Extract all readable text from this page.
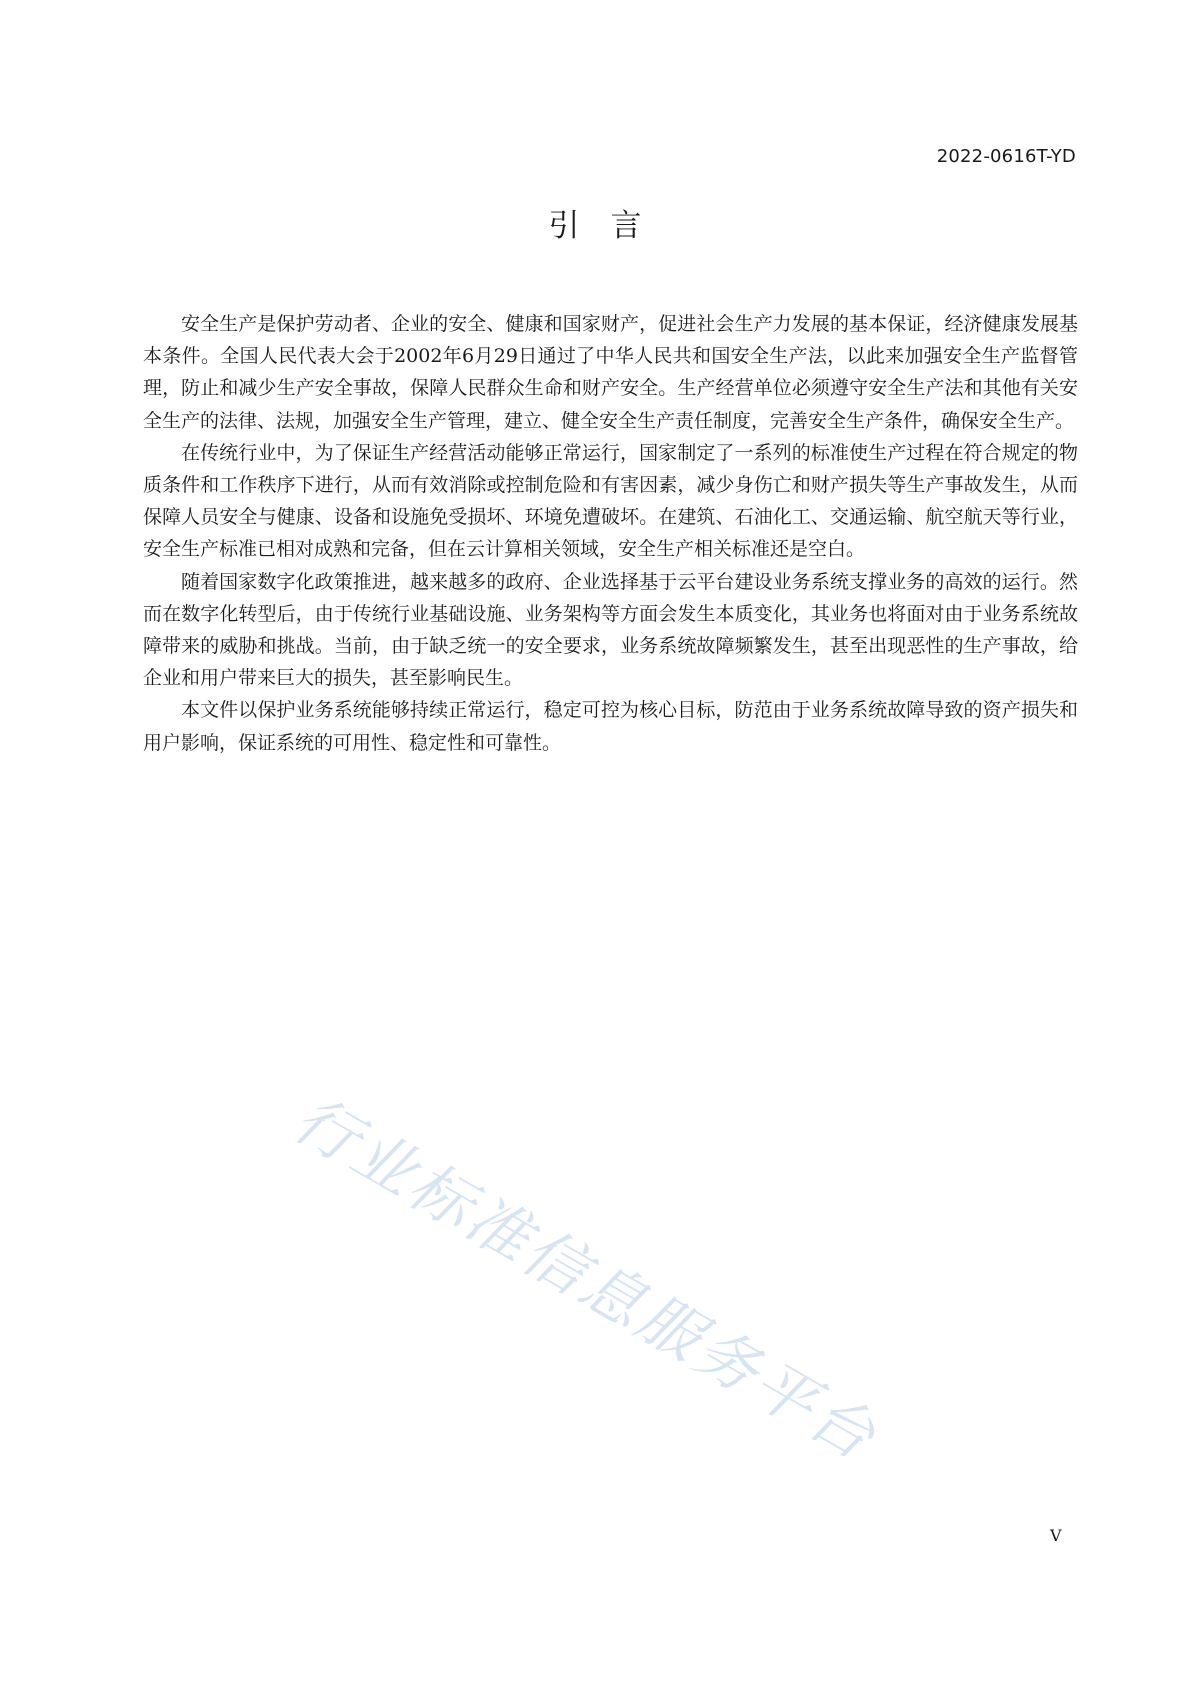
2022-0616T-YD
引　言

安全生产是保护劳动者、企业的安全、健康和国家财产，促进社会生产力发展的基本保证，经济健康发展基本条件。全国人民代表大会于2002年6月29日通过了中华人民共和国安全生产法，以此来加强安全生产监督管理，防止和减少生产安全事故，保障人民群众生命和财产安全。生产经营单位必须遵守安全生产法和其他有关安全生产的法律、法规，加强安全生产管理，建立、健全安全生产责任制度，完善安全生产条件，确保安全生产。

在传统行业中，为了保证生产经营活动能够正常运行，国家制定了一系列的标准使生产过程在符合规定的物质条件和工作秩序下进行，从而有效消除或控制危险和有害因素，减少身伤亡和财产损失等生产事故发生，从而保障人员安全与健康、设备和设施免受损坏、环境免遭破坏。在建筑、石油化工、交通运输、航空航天等行业，安全生产标准已相对成熟和完备，但在云计算相关领域，安全生产相关标准还是空白。

随着国家数字化政策推进，越来越多的政府、企业选择基于云平台建设业务系统支撑业务的高效的运行。然而在数字化转型后，由于传统行业基础设施、业务架构等方面会发生本质变化，其业务也将面对由于业务系统故障带来的威胁和挑战。当前，由于缺乏统一的安全要求，业务系统故障频繁发生，甚至出现恶性的生产事故，给企业和用户带来巨大的损失，甚至影响民生。

本文件以保护业务系统能够持续正常运行，稳定可控为核心目标，防范由于业务系统故障导致的资产损失和用户影响，保证系统的可用性、稳定性和可靠性。

行业标准信息服务平台
V
